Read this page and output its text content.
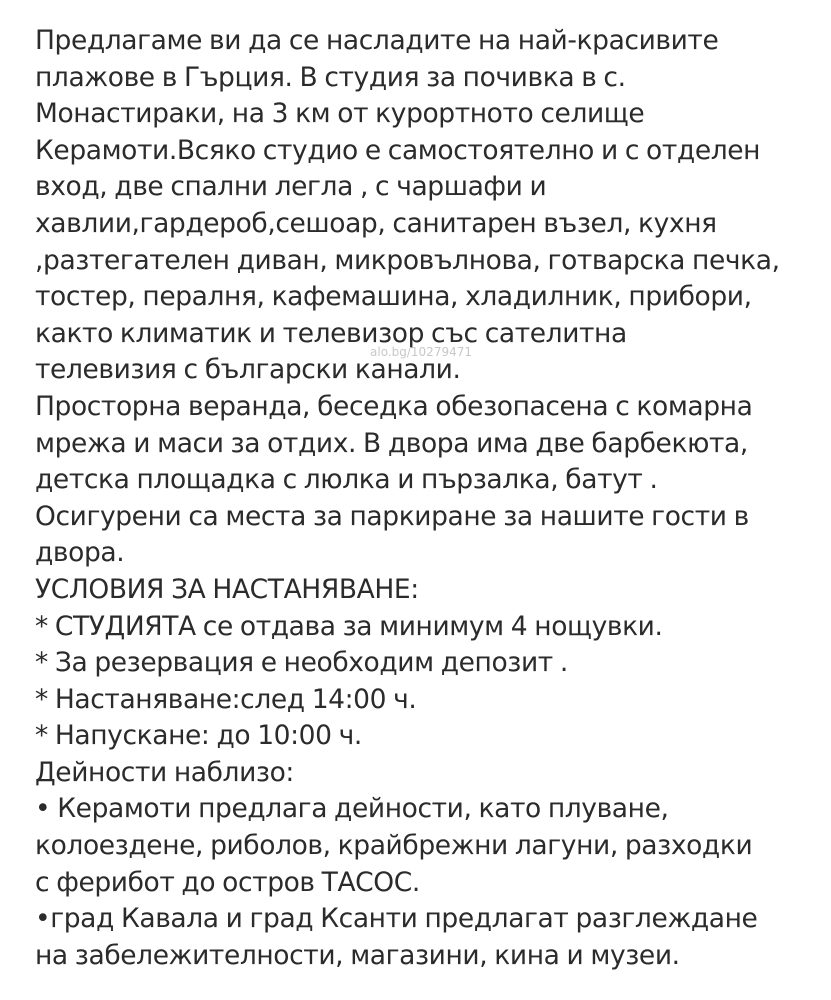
Предлагаме ви да се насладите на най-красивите
плажове в Гърция. В студия за почивка в с.
Монастираки, на 3 км от курортното селище
Керамоти.Всяко студио е самостоятелно и с отделен
вход, две спални легла , с чаршафи и
хавлии,гардероб,сешоар, санитарен възел, кухня
,разтегателен диван, микровълнова, готварска печка,
тостер, пералня, кафемашина, хладилник, прибори,
както климатик и телевизор със сателитна
телевизия с български канали.
Просторна веранда, беседка обезопасена с комарна
мрежа и маси за отдих. В двора има две барбекюта,
детска площадка с люлка и пързалка, батут .
Осигурени са места за паркиране за нашите гости в
двора.
УСЛОВИЯ ЗА НАСТАНЯВАНЕ:
* СТУДИЯТА се отдава за минимум 4 нощувки.
* За резервация е необходим депозит .
* Настаняване:след 14:00 ч.
* Напускане: до 10:00 ч.
Дейности наблизо:
• Керамоти предлага дейности, като плуване,
колоездене, риболов, крайбрежни лагуни, разходки
с ферибот до остров ТАСОС.
•град Кавала и град Ксанти предлагат разглеждане
на забележителности, магазини, кина и музеи.
alo.bg/10279471
